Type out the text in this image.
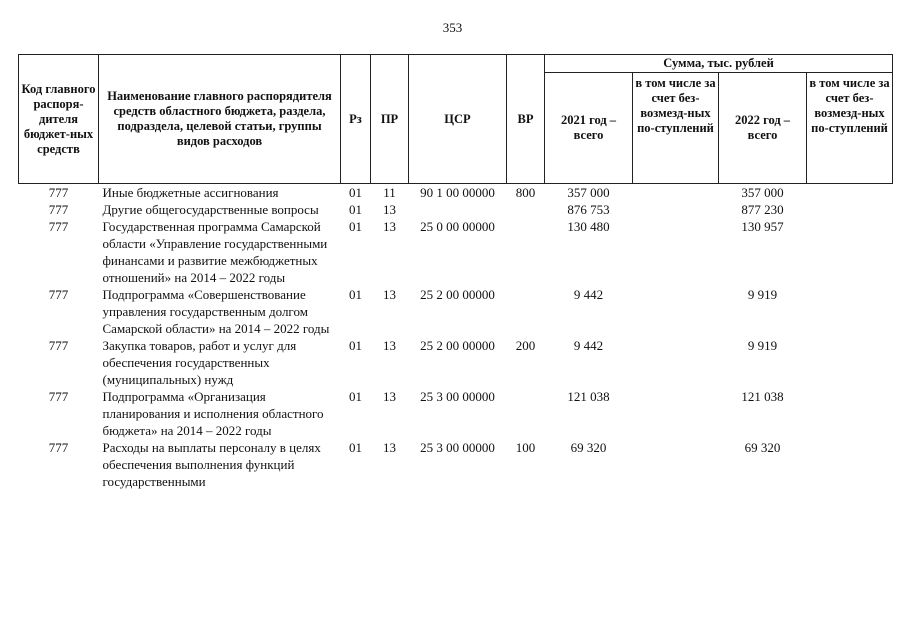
353
Код главного распоря-дителя бюджет-ных средств	Наименование главного распорядителя средств областного бюджета, раздела, подраздела, целевой статьи, группы видов расходов	Рз	ПР	ЦСР	ВР	Сумма, тыс. рублей			
						2021 год – всего	в том числе за счет без-возмезд-ных по-ступлений	2022 год – всего	в том числе за счет без-возмезд-ных по-ступлений
777	Иные бюджетные ассигнования	01	11	90 1 00 00000	800	357 000		357 000	
777	Другие общегосударственные вопросы	01	13			876 753		877 230	
777	Государственная программа Самарской области «Управление государственными финансами и развитие межбюджетных отношений» на 2014 – 2022 годы	01	13	25 0 00 00000		130 480		130 957	
777	Подпрограмма «Совершенствование управления государственным долгом Самарской области» на 2014 – 2022 годы	01	13	25 2 00 00000		9 442		9 919	
777	Закупка товаров, работ и услуг для обеспечения государственных (муниципальных) нужд	01	13	25 2 00 00000	200	9 442		9 919	
777	Подпрограмма «Организация планирования и исполнения областного бюджета» на 2014 – 2022 годы	01	13	25 3 00 00000		121 038		121 038	
777	Расходы на выплаты персоналу в целях обеспечения выполнения функций государственными	01	13	25 3 00 00000	100	69 320		69 320	
